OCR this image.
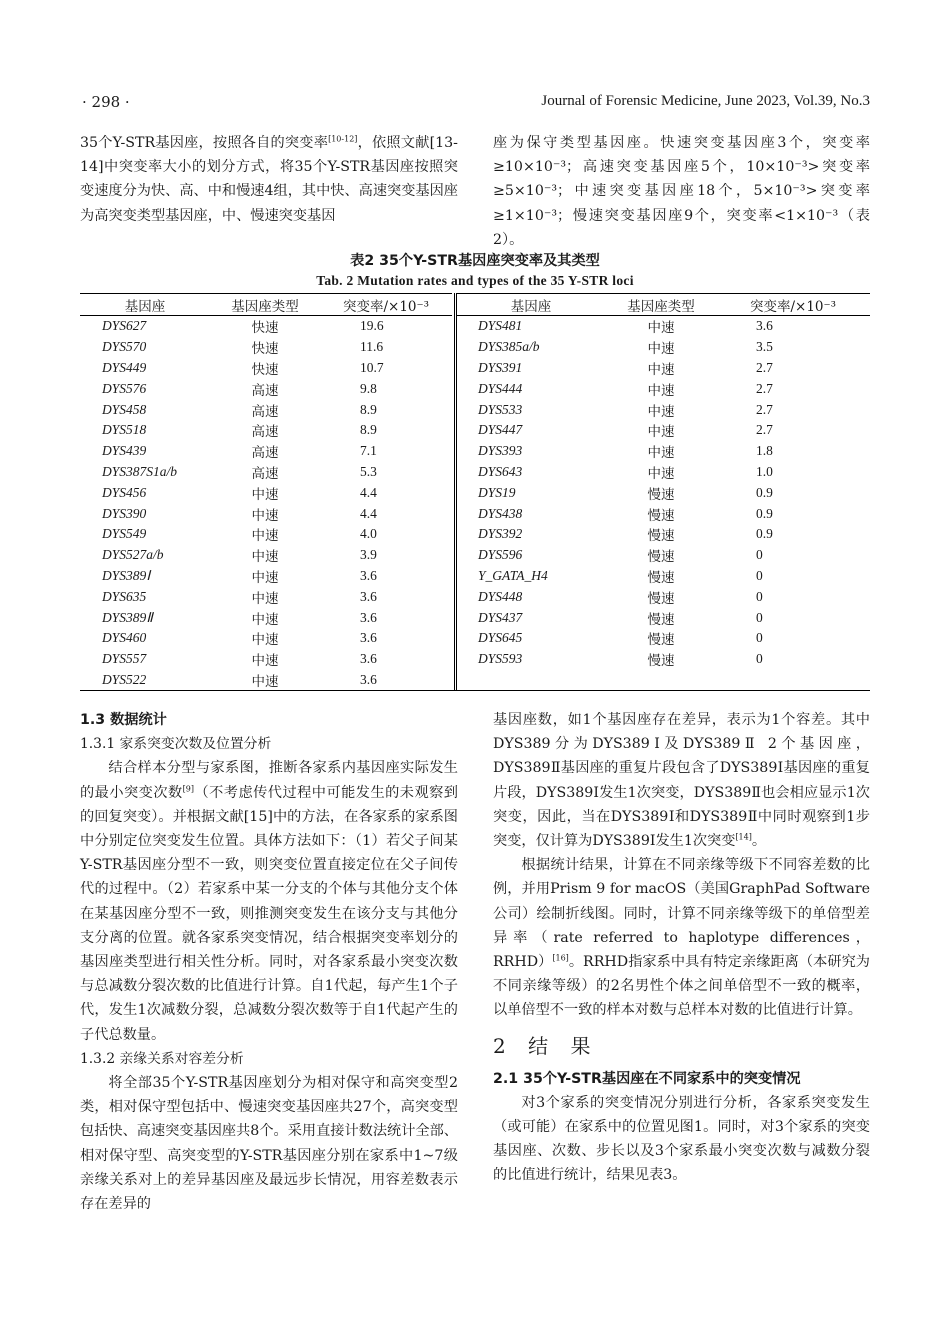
· 298 ·	Journal of Forensic Medicine, June 2023, Vol.39, No.3

35个Y-STR基因座，按照各自的突变率[10-12]，依照文献[13-14]中突变率大小的划分方式，将35个Y-STR基因座按照突变速度分为快、高、中和慢速4组，其中快、高速突变基因座为高突变类型基因座，中、慢速突变基因

座为保守类型基因座。快速突变基因座3个，突变率≥10×10⁻³；高速突变基因座5个，10×10⁻³>突变率≥5×10⁻³；中速突变基因座18个，5×10⁻³>突变率≥1×10⁻³；慢速突变基因座9个，突变率<1×10⁻³（表2）。

表2 35个Y-STR基因座突变率及其类型
Tab. 2 Mutation rates and types of the 35 Y-STR loci
基因座	基因座类型	突变率/×10⁻³
DYS627	快速	19.6
DYS570	快速	11.6
DYS449	快速	10.7
DYS576	高速	9.8
DYS458	高速	8.9
DYS518	高速	8.9
DYS439	高速	7.1
DYS387S1a/b	高速	5.3
DYS456	中速	4.4
DYS390	中速	4.4
DYS549	中速	4.0
DYS527a/b	中速	3.9
DYS389Ⅰ	中速	3.6
DYS635	中速	3.6
DYS389Ⅱ	中速	3.6
DYS460	中速	3.6
DYS557	中速	3.6
DYS522	中速	3.6
基因座	基因座类型	突变率/×10⁻³
DYS481	中速	3.6
DYS385a/b	中速	3.5
DYS391	中速	2.7
DYS444	中速	2.7
DYS533	中速	2.7
DYS447	中速	2.7
DYS393	中速	1.8
DYS643	中速	1.0
DYS19	慢速	0.9
DYS438	慢速	0.9
DYS392	慢速	0.9
DYS596	慢速	0
Y_GATA_H4	慢速	0
DYS448	慢速	0
DYS437	慢速	0
DYS645	慢速	0
DYS593	慢速	0

1.3 数据统计

1.3.1 家系突变次数及位置分析

结合样本分型与家系图，推断各家系内基因座实际发生的最小突变次数[9]（不考虑传代过程中可能发生的未观察到的回复突变）。并根据文献[15]中的方法，在各家系的家系图中分别定位突变发生位置。具体方法如下：（1）若父子间某Y-STR基因座分型不一致，则突变位置直接定位在父子间传代的过程中。（2）若家系中某一分支的个体与其他分支个体在某基因座分型不一致，则推测突变发生在该分支与其他分支分离的位置。就各家系突变情况，结合根据突变率划分的基因座类型进行相关性分析。同时，对各家系最小突变次数与总减数分裂次数的比值进行计算。自1代起，每产生1个子代，发生1次减数分裂，总减数分裂次数等于自1代起产生的子代总数量。

1.3.2 亲缘关系对容差分析

将全部35个Y-STR基因座划分为相对保守和高突变型2类，相对保守型包括中、慢速突变基因座共27个，高突变型包括快、高速突变基因座共8个。采用直接计数法统计全部、相对保守型、高突变型的Y-STR基因座分别在家系中1~7级亲缘关系对上的差异基因座及最远步长情况，用容差数表示存在差异的

基因座数，如1个基因座存在差异，表示为1个容差。其中DYS389分为DYS389Ⅰ及DYS389Ⅱ 2个基因座，DYS389Ⅱ基因座的重复片段包含了DYS389Ⅰ基因座的重复片段，DYS389Ⅰ发生1次突变，DYS389Ⅱ也会相应显示1次突变，因此，当在DYS389Ⅰ和DYS389Ⅱ中同时观察到1步突变，仅计算为DYS389Ⅰ发生1次突变[14]。

根据统计结果，计算在不同亲缘等级下不同容差数的比例，并用Prism 9 for macOS（美国GraphPad Software公司）绘制折线图。同时，计算不同亲缘等级下的单倍型差异率（rate referred to haplotype differences，RRHD）[16]。RRHD指家系中具有特定亲缘距离（本研究为不同亲缘等级）的2名男性个体之间单倍型不一致的概率，以单倍型不一致的样本对数与总样本对数的比值进行计算。

2 结 果

2.1 35个Y-STR基因座在不同家系中的突变情况

对3个家系的突变情况分别进行分析，各家系突变发生（或可能）在家系中的位置见图1。同时，对3个家系的突变基因座、次数、步长以及3个家系最小突变次数与减数分裂的比值进行统计，结果见表3。
